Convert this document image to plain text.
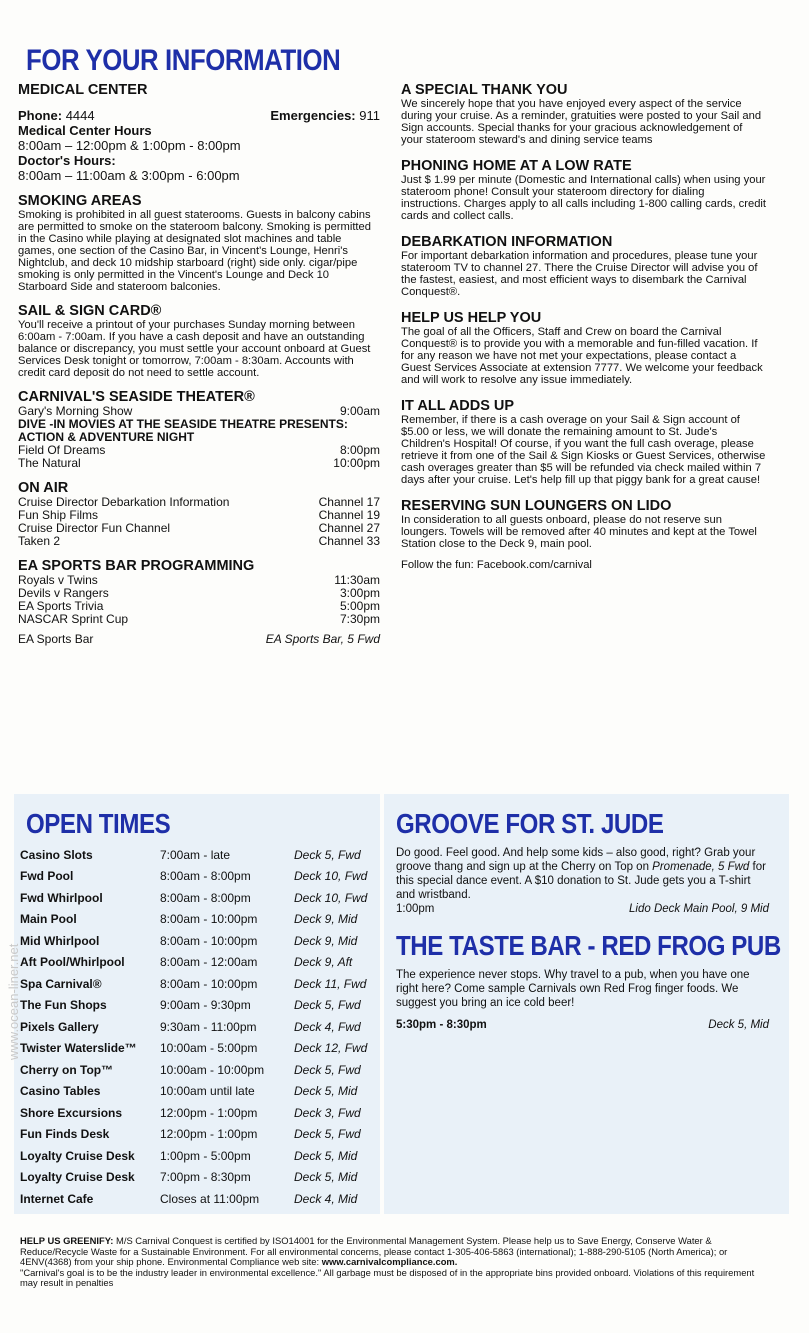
FOR YOUR INFORMATION
MEDICAL CENTER
Phone: 4444	Emergencies: 911
Medical Center Hours
8:00am – 12:00pm & 1:00pm - 8:00pm
Doctor's Hours:
8:00am – 11:00am & 3:00pm - 6:00pm
SMOKING AREAS

Smoking is prohibited in all guest staterooms. Guests in balcony cabins are permitted to smoke on the stateroom balcony. Smoking is permitted in the Casino while playing at designated slot machines and table games, one section of the Casino Bar, in Vincent's Lounge, Henri's Nightclub, and deck 10 midship starboard (right) side only. cigar/pipe smoking is only permitted in the Vincent's Lounge and Deck 10 Starboard Side and stateroom balconies.

SAIL & SIGN CARD®

You'll receive a printout of your purchases Sunday morning between 6:00am - 7:00am. If you have a cash deposit and have an outstanding balance or discrepancy, you must settle your account onboard at Guest Services Desk tonight or tomorrow, 7:00am - 8:30am. Accounts with credit card deposit do not need to settle account.

CARNIVAL'S SEASIDE THEATER®
Gary's Morning Show	9:00am
DIVE -IN MOVIES AT THE SEASIDE THEATRE PRESENTS:
ACTION & ADVENTURE NIGHT
Field Of Dreams	8:00pm
The Natural	10:00pm
ON AIR
Cruise Director Debarkation Information	Channel 17
Fun Ship Films	Channel 19
Cruise Director Fun Channel	Channel 27
Taken 2	Channel 33
EA SPORTS BAR PROGRAMMING
Royals v Twins	11:30am
Devils v Rangers	3:00pm
EA Sports Trivia	5:00pm
NASCAR Sprint Cup	7:30pm
EA Sports Bar	EA Sports Bar, 5 Fwd
A SPECIAL THANK YOU

We sincerely hope that you have enjoyed every aspect of the service during your cruise. As a reminder, gratuities were posted to your Sail and Sign accounts. Special thanks for your gracious acknowledgement of your stateroom steward's and dining service teams

PHONING HOME AT A LOW RATE

Just $ 1.99 per minute (Domestic and International calls) when using your stateroom phone! Consult your stateroom directory for dialing instructions. Charges apply to all calls including 1-800 calling cards, credit cards and collect calls.

DEBARKATION INFORMATION

For important debarkation information and procedures, please tune your stateroom TV to channel 27. There the Cruise Director will advise you of the fastest, easiest, and most efficient ways to disembark the Carnival Conquest®.

HELP US HELP YOU

The goal of all the Officers, Staff and Crew on board the Carnival Conquest® is to provide you with a memorable and fun-filled vacation. If for any reason we have not met your expectations, please contact a Guest Services Associate at extension 7777. We welcome your feedback and will work to resolve any issue immediately.

IT ALL ADDS UP

Remember, if there is a cash overage on your Sail & Sign account of $5.00 or less, we will donate the remaining amount to St. Jude's Children's Hospital! Of course, if you want the full cash overage, please retrieve it from one of the Sail & Sign Kiosks or Guest Services, otherwise cash overages greater than $5 will be refunded via check mailed within 7 days after your cruise. Let's help fill up that piggy bank for a great cause!

RESERVING SUN LOUNGERS ON LIDO

In consideration to all guests onboard, please do not reserve sun loungers. Towels will be removed after 40 minutes and kept at the Towel Station close to the Deck 9, main pool.

Follow the fun: Facebook.com/carnival

OPEN TIMES
Casino Slots	7:00am - late	Deck 5, Fwd
Fwd Pool	8:00am - 8:00pm	Deck 10, Fwd
Fwd Whirlpool	8:00am - 8:00pm	Deck 10, Fwd
Main Pool	8:00am - 10:00pm	Deck 9, Mid
Mid Whirlpool	8:00am - 10:00pm	Deck 9, Mid
Aft Pool/Whirlpool	8:00am - 12:00am	Deck 9, Aft
Spa Carnival®	8:00am - 10:00pm	Deck 11, Fwd
The Fun Shops	9:00am - 9:30pm	Deck 5, Fwd
Pixels Gallery	9:30am - 11:00pm	Deck 4, Fwd
Twister Waterslide™	10:00am - 5:00pm	Deck 12, Fwd
Cherry on Top™	10:00am - 10:00pm	Deck 5, Fwd
Casino Tables	10:00am until late	Deck 5, Mid
Shore Excursions	12:00pm - 1:00pm	Deck 3, Fwd
Fun Finds Desk	12:00pm - 1:00pm	Deck 5, Fwd
Loyalty Cruise Desk	1:00pm - 5:00pm	Deck 5, Mid
Loyalty Cruise Desk	7:00pm - 8:30pm	Deck 5, Mid
Internet Cafe	Closes at 11:00pm	Deck 4, Mid
GROOVE FOR ST. JUDE

Do good. Feel good. And help some kids – also good, right? Grab your groove thang and sign up at the Cherry on Top on Promenade, 5 Fwd for this special dance event. A $10 donation to St. Jude gets you a T-shirt and wristband.

1:00pm	Lido Deck Main Pool, 9 Mid

THE TASTE BAR - RED FROG PUB

The experience never stops. Why travel to a pub, when you have one right here? Come sample Carnivals own Red Frog finger foods. We suggest you bring an ice cold beer!

5:30pm - 8:30pm	Deck 5, Mid

HELP US GREENIFY: M/S Carnival Conquest is certified by ISO14001 for the Environmental Management System. Please help us to Save Energy, Conserve Water & Reduce/Recycle Waste for a Sustainable Environment. For all environmental concerns, please contact 1-305-406-5863 (international); 1-888-290-5105 (North America); or 4ENV(4368) from your ship phone. Environmental Compliance web site: www.carnivalcompliance.com.
"Carnival's goal is to be the industry leader in environmental excellence." All garbage must be disposed of in the appropriate bins provided onboard. Violations of this requirement may result in penalties
www.ocean-liner.net
